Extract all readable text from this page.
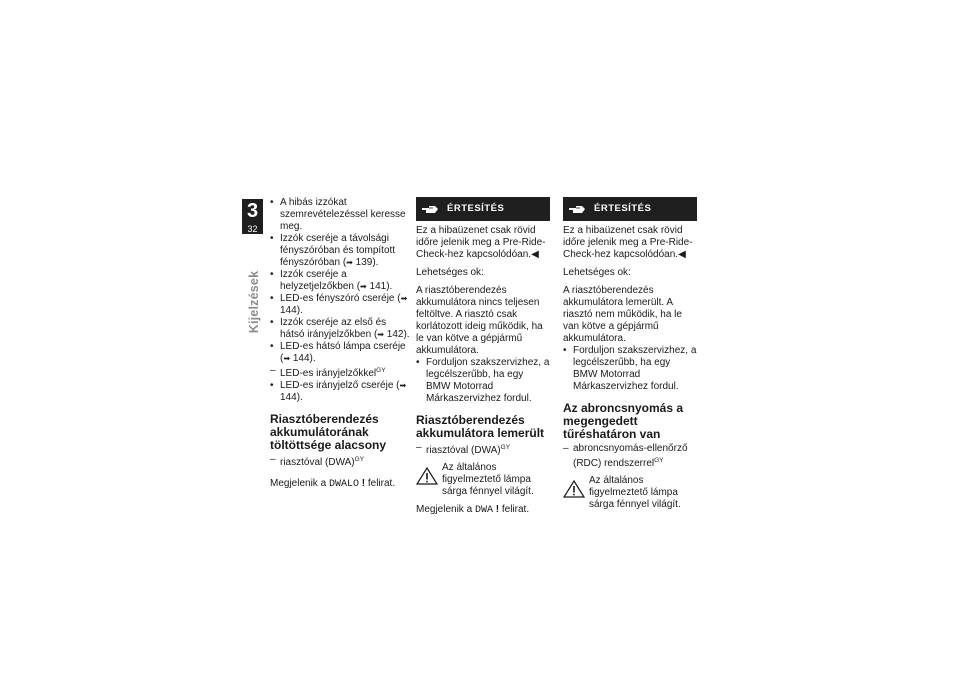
3
32
Kijelzések
• A hibás izzókat szemrevételezéssel keresse meg.
• Izzók cseréje a távolsági fényszóróban és tompított fényszóróban (➡ 139).
• Izzók cseréje a helyzetjelzőkben (➡ 141).
• LED-es fényszóró cseréje (➡ 144).
• Izzók cseréje az első és hátsó irányjelzőkben (➡ 142).
• LED-es hátsó lámpa cseréje (➡ 144).
– LED-es irányjelzőkkel$^{GY}$
• LED-es irányjelző cseréje (➡ 144).
Riasztóberendezés akkumulátorának töltöttsége alacsony
– riasztóval (DWA)$^{GY}$
Megjelenik a DWALO ! felirat.
ÉRTESÍTÉS
Ez a hibaüzenet csak rövid időre jelenik meg a Pre-Ride-Check-hez kapcsolódóan.◀
Lehetséges ok:
A riasztóberendezés akkumulátora nincs teljesen feltöltve. A riasztó csak korlátozott ideig működik, ha le van kötve a gépjármű akkumulátora.
• Forduljon szakszervizhez, a legcélszerűbb, ha egy BMW Motorrad Márkaszervizhez fordul.
Riasztóberendezés akkumulátora lemerült
– riasztóval (DWA)$^{GY}$
Az általános figyelmeztető lámpa sárga fénnyel világít.
Megjelenik a DWA ! felirat.
ÉRTESÍTÉS
Ez a hibaüzenet csak rövid időre jelenik meg a Pre-Ride-Check-hez kapcsolódóan.◀
Lehetséges ok:
A riasztóberendezés akkumulátora lemerült. A riasztó nem működik, ha le van kötve a gépjármű akkumulátora.
• Forduljon szakszervizhez, a legcélszerűbb, ha egy BMW Motorrad Márkaszervizhez fordul.
Az abroncsnyomás a megengedett tűréshatáron van
– abroncsnyomás-ellenőrző (RDC) rendszerrel$^{GY}$
Az általános figyelmeztető lámpa sárga fénnyel világít.
